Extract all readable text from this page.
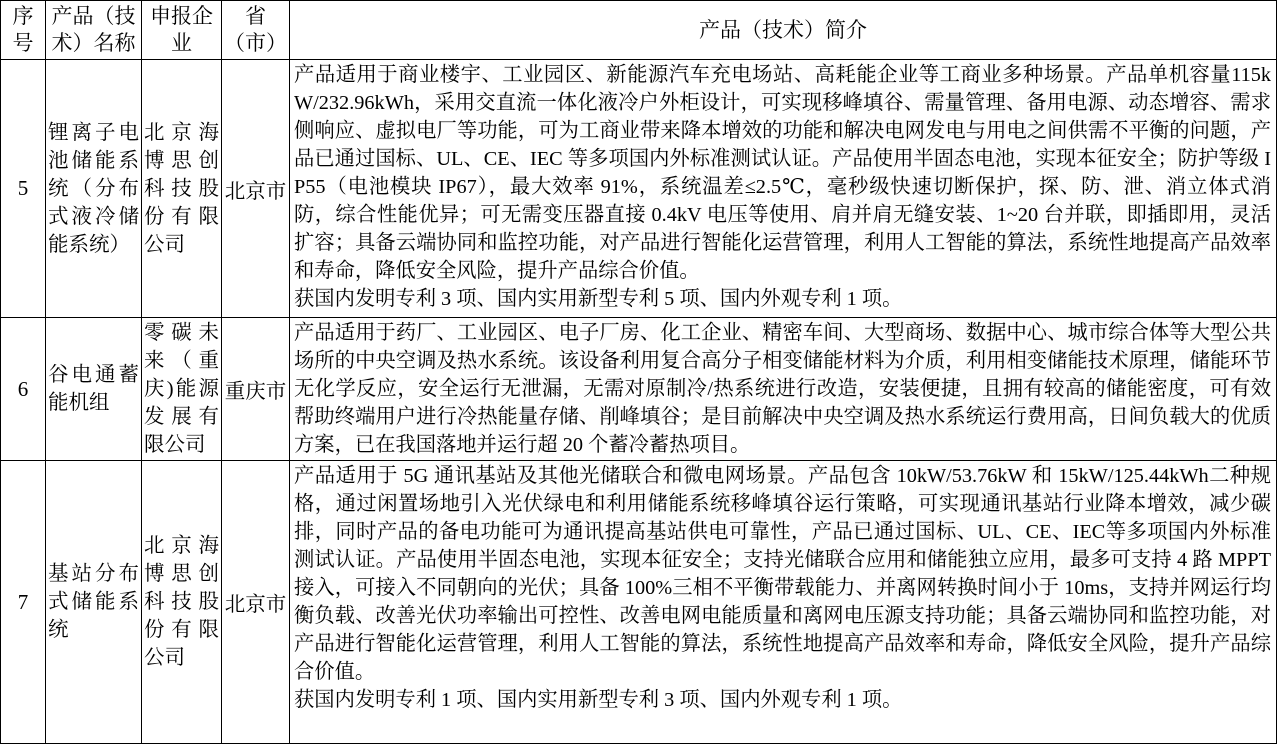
序号	产品（技术）名称	申报企业	省（市）	产品（技术）简介
5	锂离子电池储能系统（分布式液冷储能系统）	北京海博思创科技股份有限公司	北京市	产品适用于商业楼宇、工业园区、新能源汽车充电场站、高耗能企业等工商业多种场景。产品单机容量115kW/232.96kWh，采用交直流一体化液冷户外柜设计，可实现移峰填谷、需量管理、备用电源、动态增容、需求侧响应、虚拟电厂等功能，可为工商业带来降本增效的功能和解决电网发电与用电之间供需不平衡的问题，产品已通过国标、UL、CE、IEC 等多项国内外标准测试认证。产品使用半固态电池，实现本征安全；防护等级 IP55（电池模块 IP67），最大效率 91%，系统温差≤2.5℃，毫秒级快速切断保护，探、防、泄、消立体式消防，综合性能优异；可无需变压器直接 0.4kV 电压等使用、肩并肩无缝安装、1~20 台并联，即插即用，灵活扩容；具备云端协同和监控功能，对产品进行智能化运营管理，利用人工智能的算法，系统性地提高产品效率和寿命，降低安全风险，提升产品综合价值。
获国内发明专利 3 项、国内实用新型专利 5 项、国内外观专利 1 项。

6	谷电通蓄能机组	零碳未来（重庆)能源发展有限公司	重庆市	产品适用于药厂、工业园区、电子厂房、化工企业、精密车间、大型商场、数据中心、城市综合体等大型公共场所的中央空调及热水系统。该设备利用复合高分子相变储能材料为介质，利用相变储能技术原理，储能环节无化学反应，安全运行无泄漏，无需对原制冷/热系统进行改造，安装便捷，且拥有较高的储能密度，可有效帮助终端用户进行冷热能量存储、削峰填谷；是目前解决中央空调及热水系统运行费用高，日间负载大的优质方案，已在我国落地并运行超 20 个蓄冷蓄热项目。

7	基站分布式储能系统	北京海博思创科技股份有限公司	北京市	产品适用于 5G 通讯基站及其他光储联合和微电网场景。产品包含 10kW/53.76kW 和 15kW/125.44kWh二种规格，通过闲置场地引入光伏绿电和利用储能系统移峰填谷运行策略，可实现通讯基站行业降本增效，减少碳排，同时产品的备电功能可为通讯提高基站供电可靠性，产品已通过国标、UL、CE、IEC等多项国内外标准测试认证。产品使用半固态电池，实现本征安全；支持光储联合应用和储能独立应用，最多可支持 4 路 MPPT 接入，可接入不同朝向的光伏；具备 100%三相不平衡带载能力、并离网转换时间小于 10ms，支持并网运行均衡负载、改善光伏功率输出可控性、改善电网电能质量和离网电压源支持功能；具备云端协同和监控功能，对产品进行智能化运营管理，利用人工智能的算法，系统性地提高产品效率和寿命，降低安全风险，提升产品综合价值。
获国内发明专利 1 项、国内实用新型专利 3 项、国内外观专利 1 项。
